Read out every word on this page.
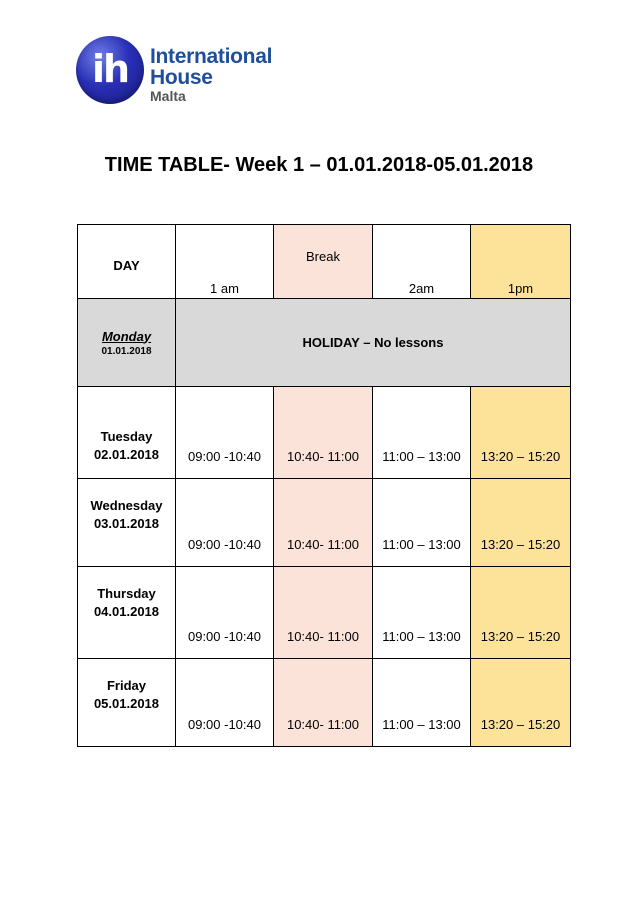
ih International
House
Malta
TIME TABLE- Week 1 – 01.01.2018-05.01.2018
DAY	1 am	Break	2am	1pm

Monday
01.01.2018	HOLIDAY – No lessons			

Tuesday
02.01.2018	09:00 -10:40	10:40- 11:00	11:00 – 13:00	13:20 – 15:20

Wednesday
03.01.2018	09:00 -10:40	10:40- 11:00	11:00 – 13:00	13:20 – 15:20

Thursday
04.01.2018	09:00 -10:40	10:40- 11:00	11:00 – 13:00	13:20 – 15:20

Friday
05.01.2018	09:00 -10:40	10:40- 11:00	11:00 – 13:00	13:20 – 15:20
